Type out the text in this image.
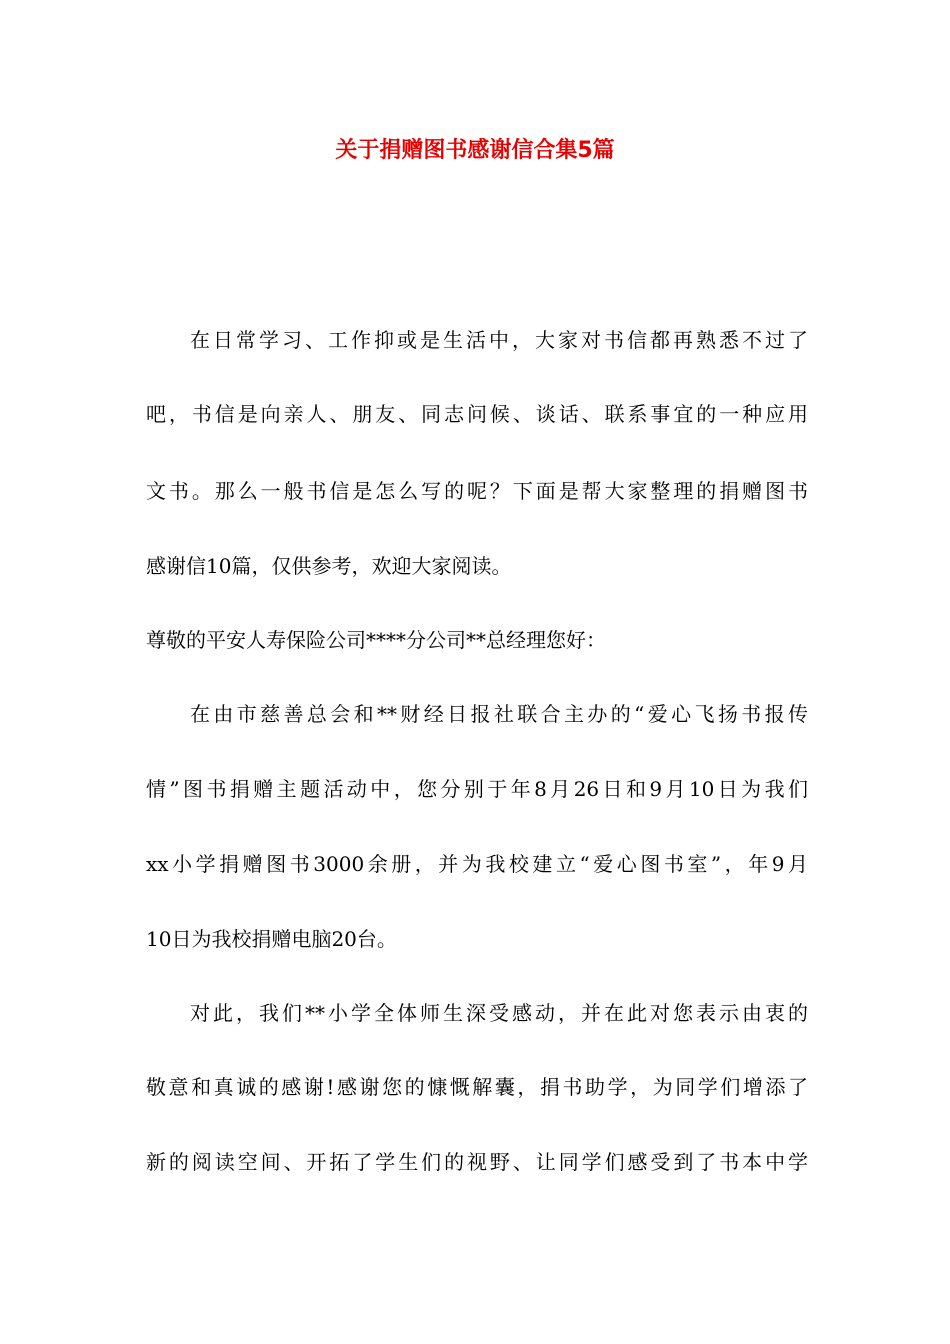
关于捐赠图书感谢信合集5篇

在日常学习、工作抑或是生活中，大家对书信都再熟悉不过了

吧，书信是向亲人、朋友、同志问候、谈话、联系事宜的一种应用

文书。那么一般书信是怎么写的呢？下面是帮大家整理的捐赠图书

感谢信10篇，仅供参考，欢迎大家阅读。

尊敬的平安人寿保险公司****分公司**总经理您好：

在由市慈善总会和**财经日报社联合主办的“爱心飞扬书报传

情”图书捐赠主题活动中，您分别于年8月26日和9月10日为我们

xx小学捐赠图书3000余册，并为我校建立“爱心图书室”，年9月

10日为我校捐赠电脑20台。

对此，我们**小学全体师生深受感动，并在此对您表示由衷的

敬意和真诚的感谢!感谢您的慷慨解囊，捐书助学，为同学们增添了

新的阅读空间、开拓了学生们的视野、让同学们感受到了书本中学
